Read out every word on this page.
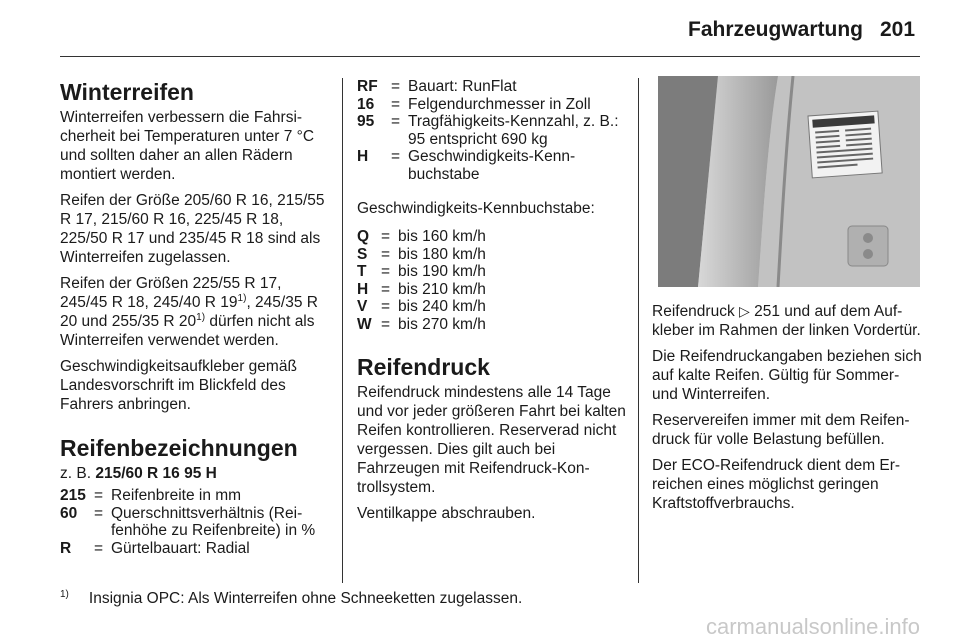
Fahrzeugwartung 201
Winterreifen

Winterreifen verbessern die Fahrsicherheit bei Temperaturen unter 7 °C und sollten daher an allen Rädern montiert werden.

Reifen der Größe 205/60 R 16, 215/55 R 17, 215/60 R 16, 225/45 R 18, 225/50 R 17 und 235/45 R 18 sind als Winterreifen zugelassen.

Reifen der Größen 225/55 R 17, 245/45 R 18, 245/40 R 19$^{1)}$, 245/35 R 20 und 255/35 R 20$^{1)}$ dürfen nicht als Winterreifen verwendet werden.

Geschwindigkeitsaufkleber gemäß Landesvorschrift im Blickfeld des Fahrers anbringen.

Reifenbezeichnungen

z. B. 215/60 R 16 95 H

215 = Reifenbreite in mm
60	= Querschnittsverhältnis (Reifenhöhe zu Reifenbreite) in %
R	= Gürtelbauart: Radial
RF = Bauart: RunFlat
16	= Felgendurchmesser in Zoll
95	= Tragfähigkeits-Kennzahl, z. B.: 95 entspricht 690 kg
H	= Geschwindigkeits-Kennbuchstabe

Geschwindigkeits-Kennbuchstabe:

Q = bis 160 km/h
S = bis 180 km/h
T = bis 190 km/h
H = bis 210 km/h
V = bis 240 km/h
W = bis 270 km/h
Reifendruck

Reifendruck mindestens alle 14 Tage und vor jeder größeren Fahrt bei kalten Reifen kontrollieren. Reserverad nicht vergessen. Dies gilt auch bei Fahrzeugen mit Reifendruck-Kontrollsystem.

Ventilkappe abschrauben.

Reifendruck ▷ 251 und auf dem Aufkleber im Rahmen der linken Vordertür.

Die Reifendruckangaben beziehen sich auf kalte Reifen. Gültig für Sommer- und Winterreifen.

Reservereifen immer mit dem Reifendruck für volle Belastung befüllen.

Der ECO-Reifendruck dient dem Erreichen eines möglichst geringen Kraftstoffverbrauchs.

$^{1)}$ Insignia OPC: Als Winterreifen ohne Schneeketten zugelassen.
carmanualsonline.info
